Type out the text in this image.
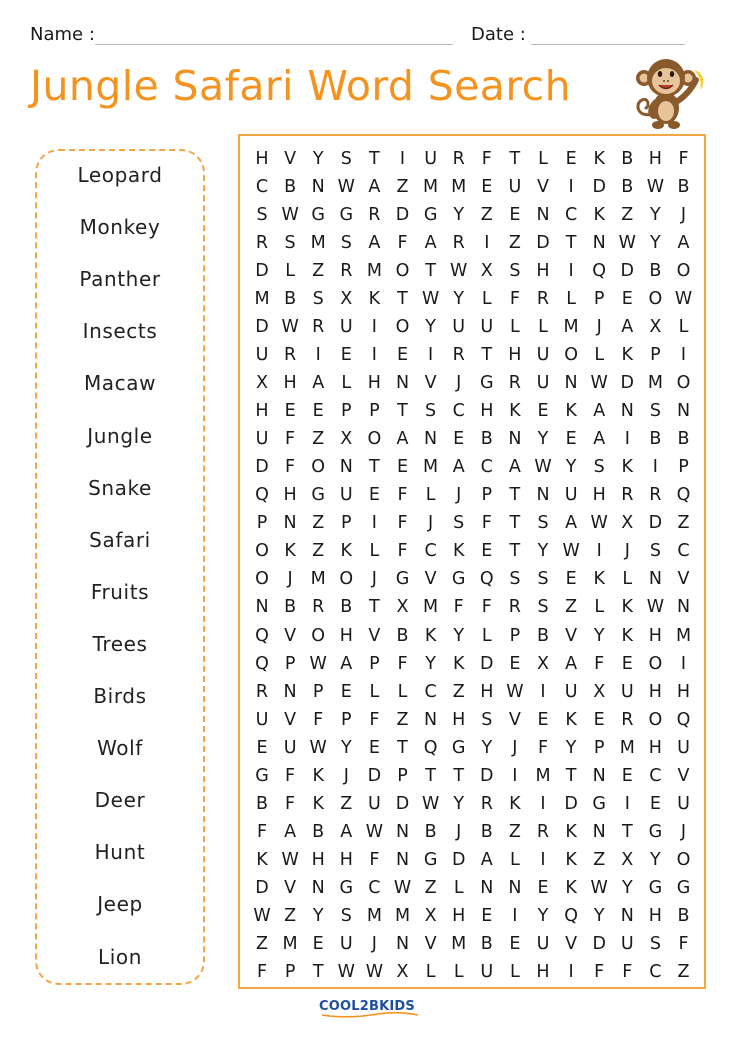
Name :	Date :
Jungle Safari Word Search
Leopard
Monkey
Panther
Insects
Macaw
Jungle
Snake
Safari
Fruits
Trees
Birds
Wolf
Deer
Hunt
Jeep
Lion
H V Y S T	I	U R F	T	L	E K B H F
C B N W A Z M M E U V	I	D B W B
S W G G R D G Y Z E N C K Z Y	J
R S M S A F A R	I	Z D T N W Y A
D L Z R M O T W X S H	I	Q D B O
M B S X K T W Y	L	F R L	P E O W
D W R U	I	O Y U U L	L M	J	A X L
U R	I	E	I	E	I	R T H U O L K P	I
X H A L H N V	J	G R U N W D M O
H E E P	P T S C H K E K A N S N
U F Z X O A N E B N Y E A	I	B B
D F O N T E M A C A W Y S K	I	P
Q H G U E	F	L	J	P T N U H R R Q
P N Z P	I	F	J	S	F	T S A W X D Z
O K Z K L	F C K E T Y W I	J	S C
O	J	M O	J	G V G Q S S E K	L N V
N B R B T X M F	F R S Z L K W N
Q V O H V B K Y	L	P B V Y K H M
Q P W A P	F	Y K D E X A F	E O	I
R N P E	L	L C Z H W I	U X U H H
U V F	P	F Z N H S V E K E R O Q
E U W Y E T Q G Y	J	F	Y P M H U
G F K	J	D P T T D	I	M T N E C V
B F K Z U D W Y R K	I	D G	I	E U
F A B A W N B	J	B Z R K N T G	J
K W H H F N G D A L	I	K Z X Y O
D V N G C W Z L N N E K W Y G G
W Z Y S M M X H E	I	Y Q Y N H B
Z M E U	J	N V M B E U V D U S	F
F	P T W W X L	L U L H	I	F	F C Z
COOL2BKIDS
